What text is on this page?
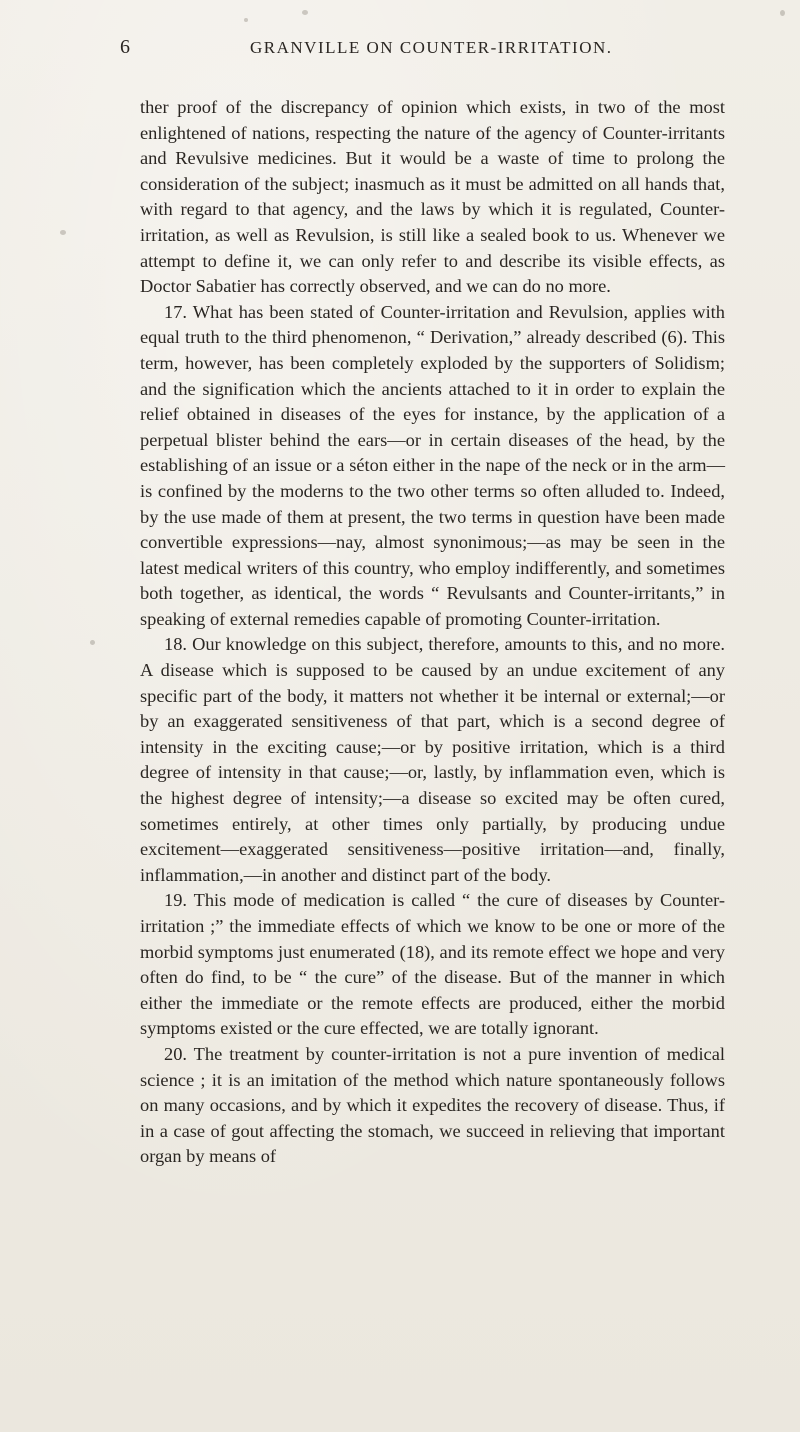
6	GRANVILLE ON COUNTER-IRRITATION.

ther proof of the discrepancy of opinion which exists, in two of the most enlightened of nations, respecting the nature of the agency of Counter-irritants and Revulsive medicines. But it would be a waste of time to prolong the consideration of the subject; inasmuch as it must be admitted on all hands that, with regard to that agency, and the laws by which it is regulated, Counter-irritation, as well as Revulsion, is still like a sealed book to us. Whenever we attempt to define it, we can only refer to and describe its visible effects, as Doctor Sabatier has correctly observed, and we can do no more.

17. What has been stated of Counter-irritation and Revulsion, applies with equal truth to the third phenomenon, “ Derivation,” already described (6). This term, however, has been completely exploded by the supporters of Solidism; and the signification which the ancients attached to it in order to explain the relief obtained in diseases of the eyes for instance, by the application of a perpetual blister behind the ears—or in certain diseases of the head, by the establishing of an issue or a séton either in the nape of the neck or in the arm—is confined by the moderns to the two other terms so often alluded to. Indeed, by the use made of them at present, the two terms in question have been made convertible expressions—nay, almost synonimous;—as may be seen in the latest medical writers of this country, who employ indifferently, and sometimes both together, as identical, the words “ Revulsants and Counter-irritants,” in speaking of external remedies capable of promoting Counter-irritation.

18. Our knowledge on this subject, therefore, amounts to this, and no more. A disease which is supposed to be caused by an undue excitement of any specific part of the body, it matters not whether it be internal or external;—or by an exaggerated sensitiveness of that part, which is a second degree of intensity in the exciting cause;—or by positive irritation, which is a third degree of intensity in that cause;—or, lastly, by inflammation even, which is the highest degree of intensity;—a disease so excited may be often cured, sometimes entirely, at other times only partially, by producing undue excitement—exaggerated sensitiveness—positive irritation—and, finally, inflammation,—in another and distinct part of the body.

19. This mode of medication is called “ the cure of diseases by Counter-irritation ;” the immediate effects of which we know to be one or more of the morbid symptoms just enumerated (18), and its remote effect we hope and very often do find, to be “ the cure” of the disease. But of the manner in which either the immediate or the remote effects are produced, either the morbid symptoms existed or the cure effected, we are totally ignorant.

20. The treatment by counter-irritation is not a pure invention of medical science ; it is an imitation of the method which nature spontaneously follows on many occasions, and by which it expedites the recovery of disease. Thus, if in a case of gout affecting the stomach, we succeed in relieving that important organ by means of
